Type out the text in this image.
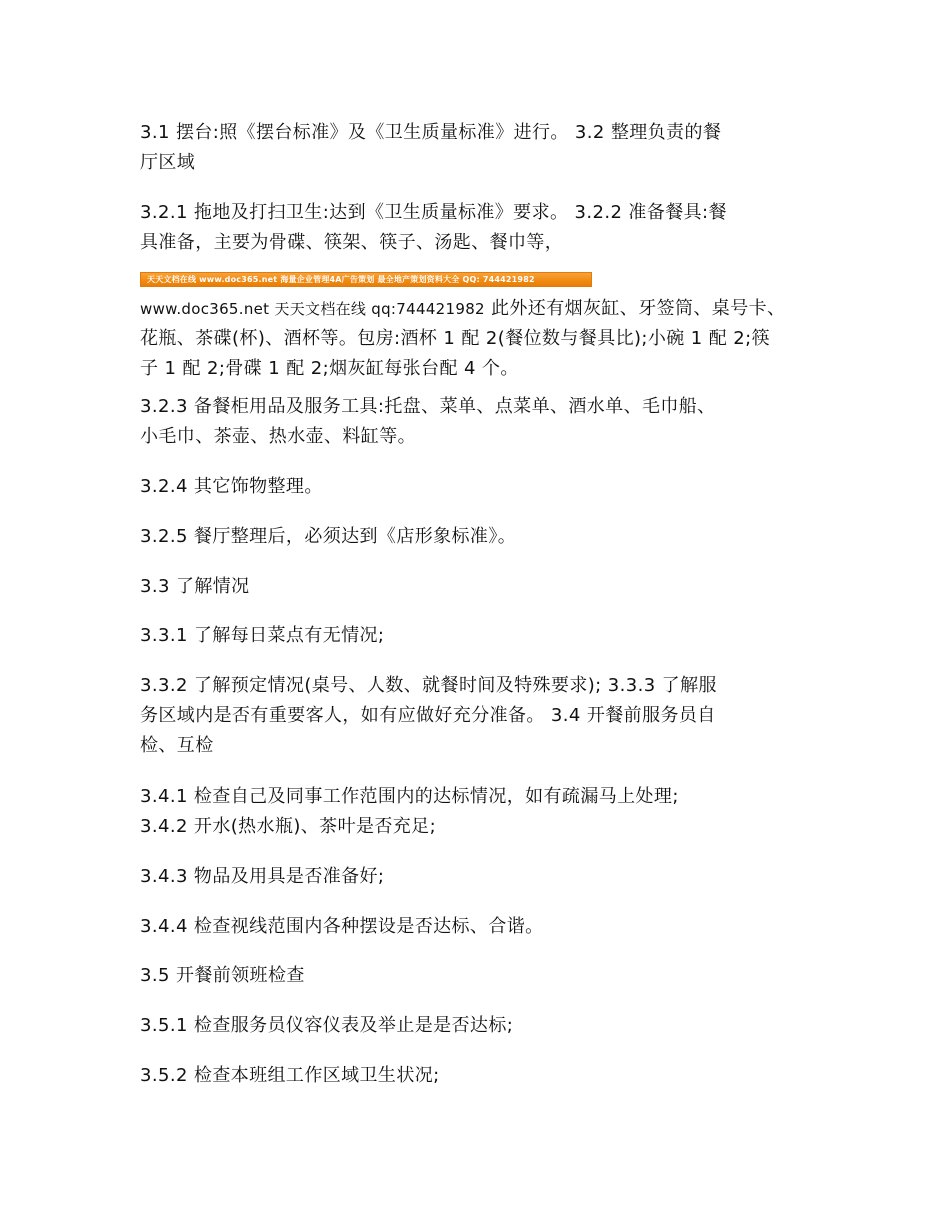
3.1 摆台:照《摆台标准》及《卫生质量标准》进行。 3.2 整理负责的餐
厅区域
3.2.1 拖地及打扫卫生:达到《卫生质量标准》要求。 3.2.2 准备餐具:餐
具准备，主要为骨碟、筷架、筷子、汤匙、餐巾等，
天天文档在线 www.doc365.net 海量企业管理4A广告策划 最全地产策划资料大全 QQ: 744421982
www.doc365.net 天天文档在线 qq:744421982 此外还有烟灰缸、牙签筒、桌号卡、
花瓶、茶碟(杯)、酒杯等。包房:酒杯 1 配 2(餐位数与餐具比);小碗 1 配 2;筷
子 1 配 2;骨碟 1 配 2;烟灰缸每张台配 4 个。
3.2.3 备餐柜用品及服务工具:托盘、菜单、点菜单、酒水单、毛巾船、
小毛巾、茶壶、热水壶、料缸等。
3.2.4 其它饰物整理。
3.2.5 餐厅整理后，必须达到《店形象标准》。
3.3 了解情况
3.3.1 了解每日菜点有无情况;
3.3.2 了解预定情况(桌号、人数、就餐时间及特殊要求); 3.3.3 了解服
务区域内是否有重要客人，如有应做好充分准备。 3.4 开餐前服务员自
检、互检
3.4.1 检查自己及同事工作范围内的达标情况，如有疏漏马上处理;
3.4.2 开水(热水瓶)、茶叶是否充足;
3.4.3 物品及用具是否准备好;
3.4.4 检查视线范围内各种摆设是否达标、合谐。
3.5 开餐前领班检查
3.5.1 检查服务员仪容仪表及举止是是否达标;
3.5.2 检查本班组工作区域卫生状况;
